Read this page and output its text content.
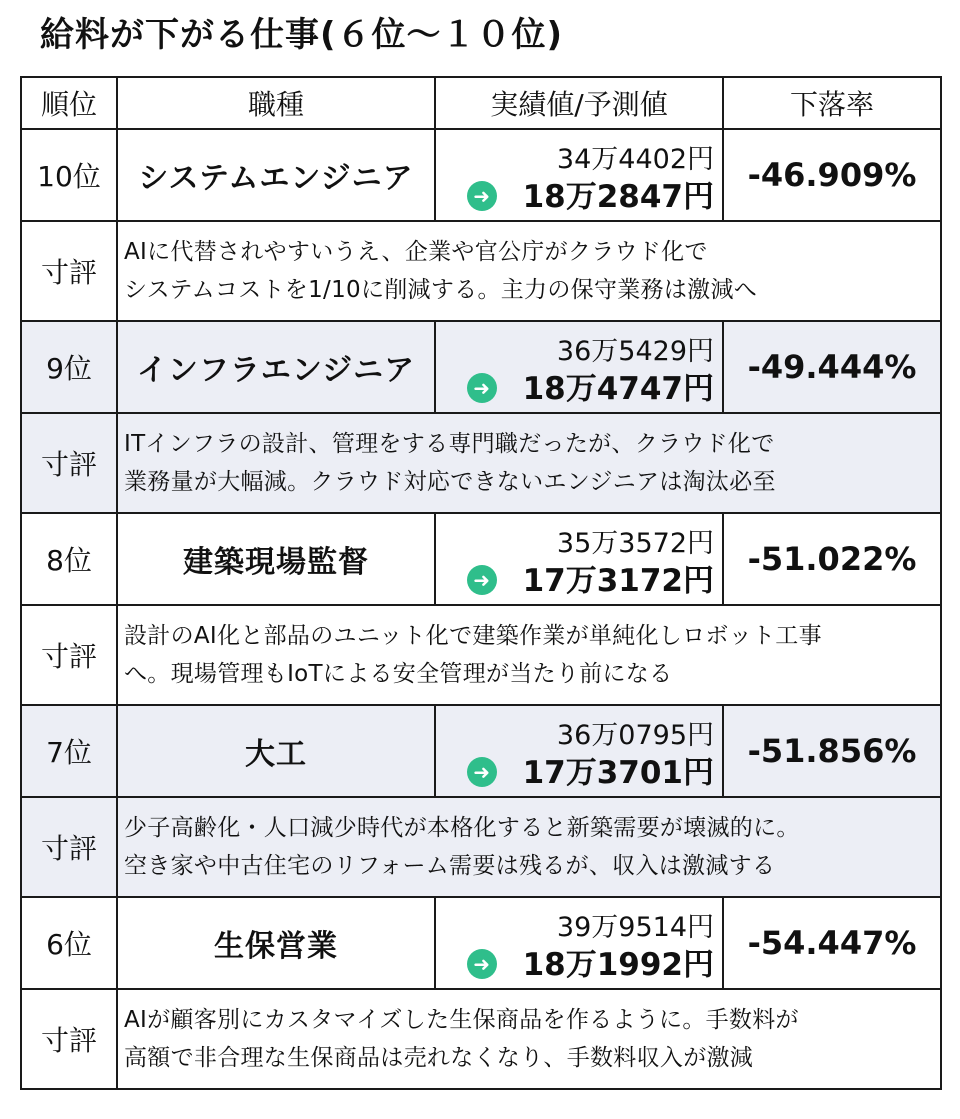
給料が下がる仕事(６位～１０位)
順位	職種	実績値/予測値	下落率
10位	システムエンジニア	34万4402円
➜ 18万2847円	-46.909%
寸評	AIに代替されやすいうえ、企業や官公庁がクラウド化で
システムコストを1/10に削減する。主力の保守業務は激減へ		

9位	インフラエンジニア	36万5429円
➜ 18万4747円	-49.444%
寸評	ITインフラの設計、管理をする専門職だったが、クラウド化で
業務量が大幅減。クラウド対応できないエンジニアは淘汰必至		

8位	建築現場監督	35万3572円
➜ 17万3172円	-51.022%
寸評	設計のAI化と部品のユニット化で建築作業が単純化しロボット工事
へ。現場管理もIoTによる安全管理が当たり前になる		

7位	大工	36万0795円
➜ 17万3701円	-51.856%
寸評	少子高齢化・人口減少時代が本格化すると新築需要が壊滅的に。
空き家や中古住宅のリフォーム需要は残るが、収入は激減する		

6位	生保営業	39万9514円
➜ 18万1992円	-54.447%
寸評	AIが顧客別にカスタマイズした生保商品を作るように。手数料が
高額で非合理な生保商品は売れなくなり、手数料収入が激減		
